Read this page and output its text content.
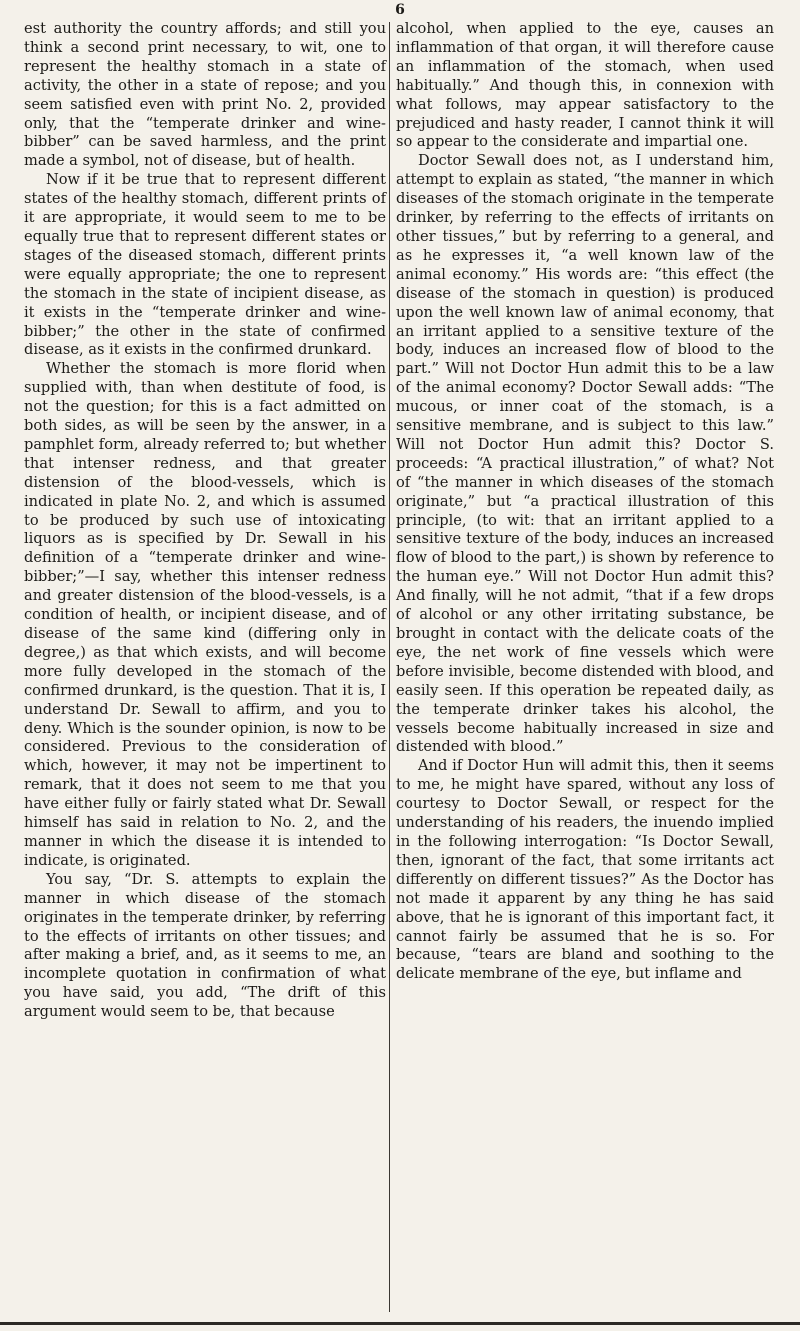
6

est authority the country affords; and still you think a second print necessary, to wit, one to represent the healthy stomach in a state of activity, the other in a state of repose; and you seem satisfied even with print No. 2, provided only, that the “temperate drinker and wine-bibber” can be saved harmless, and the print made a symbol, not of disease, but of health.

Now if it be true that to represent different states of the healthy stomach, different prints of it are appropriate, it would seem to me to be equally true that to represent different states or stages of the diseased stomach, different prints were equally appropriate; the one to represent the stomach in the state of incipient disease, as it exists in the “temperate drinker and wine-bibber;” the other in the state of confirmed disease, as it exists in the confirmed drunkard.

Whether the stomach is more florid when supplied with, than when destitute of food, is not the question; for this is a fact admitted on both sides, as will be seen by the answer, in a pamphlet form, already referred to; but whether that intenser redness, and that greater distension of the blood-vessels, which is indicated in plate No. 2, and which is assumed to be produced by such use of intoxicating liquors as is specified by Dr. Sewall in his definition of a “temperate drinker and wine-bibber;”—I say, whether this intenser redness and greater distension of the blood-vessels, is a condition of health, or incipient disease, and of disease of the same kind (differing only in degree,) as that which exists, and will become more fully developed in the stomach of the confirmed drunkard, is the question. That it is, I understand Dr. Sewall to affirm, and you to deny. Which is the sounder opinion, is now to be considered. Previous to the consideration of which, however, it may not be impertinent to remark, that it does not seem to me that you have either fully or fairly stated what Dr. Sewall himself has said in relation to No. 2, and the manner in which the disease it is intended to indicate, is originated.

You say, “Dr. S. attempts to explain the manner in which disease of the stomach originates in the temperate drinker, by referring to the effects of irritants on other tissues; and after making a brief, and, as it seems to me, an incomplete quotation in confirmation of what you have said, you add, “The drift of this argument would seem to be, that because

alcohol, when applied to the eye, causes an inflammation of that organ, it will therefore cause an inflammation of the stomach, when used habitually.” And though this, in connexion with what follows, may appear satisfactory to the prejudiced and hasty reader, I cannot think it will so appear to the considerate and impartial one.

Doctor Sewall does not, as I understand him, attempt to explain as stated, “the manner in which diseases of the stomach originate in the temperate drinker, by referring to the effects of irritants on other tissues,” but by referring to a general, and as he expresses it, “a well known law of the animal economy.” His words are: “this effect (the disease of the stomach in question) is produced upon the well known law of animal economy, that an irritant applied to a sensitive texture of the body, induces an increased flow of blood to the part.” Will not Doctor Hun admit this to be a law of the animal economy? Doctor Sewall adds: “The mucous, or inner coat of the stomach, is a sensitive membrane, and is subject to this law.” Will not Doctor Hun admit this? Doctor S. proceeds: “A practical illustration,” of what? Not of “the manner in which diseases of the stomach originate,” but “a practical illustration of this principle, (to wit: that an irritant applied to a sensitive texture of the body, induces an increased flow of blood to the part,) is shown by reference to the human eye.” Will not Doctor Hun admit this? And finally, will he not admit, “that if a few drops of alcohol or any other irritating substance, be brought in contact with the delicate coats of the eye, the net work of fine vessels which were before invisible, become distended with blood, and easily seen. If this operation be repeated daily, as the temperate drinker takes his alcohol, the vessels become habitually increased in size and distended with blood.”

And if Doctor Hun will admit this, then it seems to me, he might have spared, without any loss of courtesy to Doctor Sewall, or respect for the understanding of his readers, the inuendo implied in the following interrogation: “Is Doctor Sewall, then, ignorant of the fact, that some irritants act differently on different tissues?” As the Doctor has not made it apparent by any thing he has said above, that he is ignorant of this important fact, it cannot fairly be assumed that he is so. For because, “tears are bland and soothing to the delicate membrane of the eye, but inflame and
